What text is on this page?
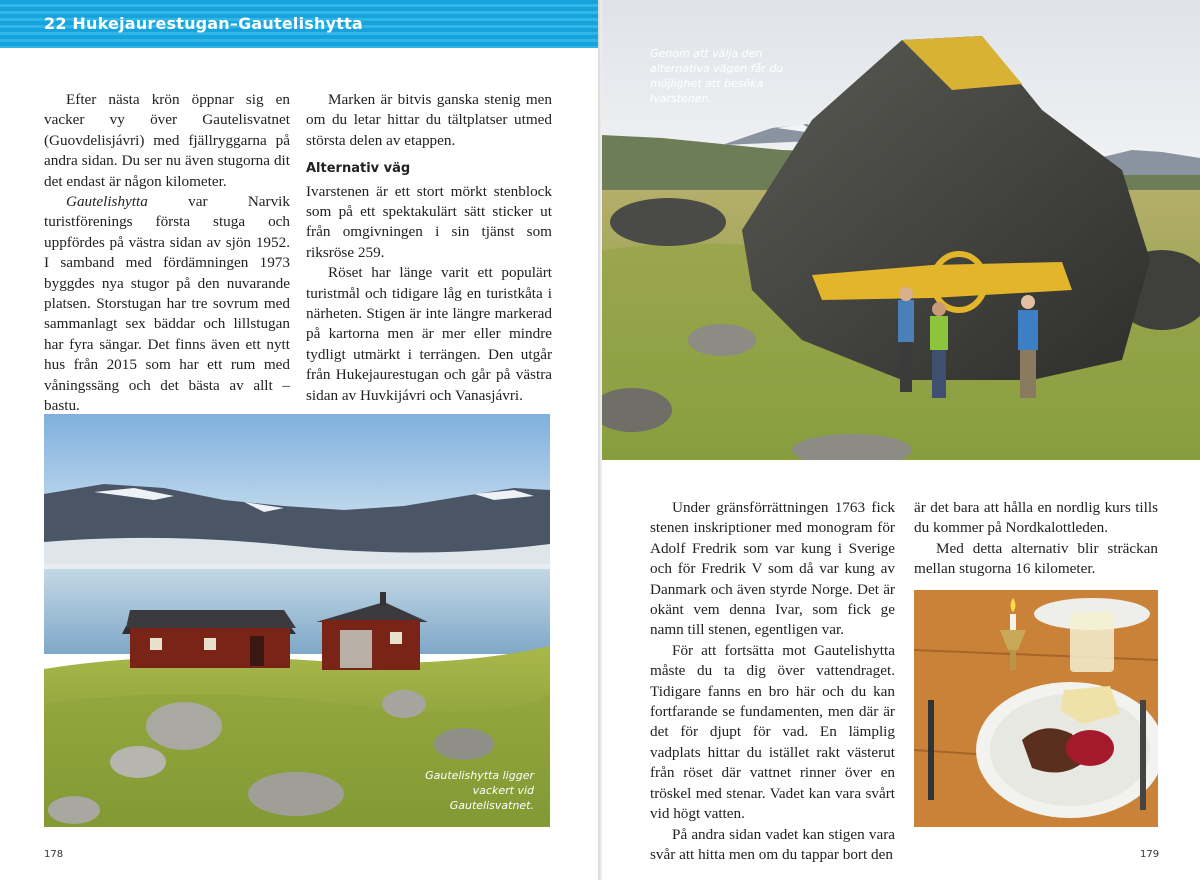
22 Hukejaurestugan–Gautelishytta

Efter nästa krön öppnar sig en vacker vy över Gautelisvatnet (Guovdelisjávri) med fjällryggarna på andra sidan. Du ser nu även stugorna dit det endast är någon kilometer.

Gautelishytta var Narvik turistförenings första stuga och uppfördes på västra sidan av sjön 1952. I samband med fördämningen 1973 byggdes nya stugor på den nuvarande platsen. Storstugan har tre sovrum med sammanlagt sex bäddar och lillstugan har fyra sängar. Det finns även ett nytt hus från 2015 som har ett rum med våningssäng och det bästa av allt – bastu.

Marken är bitvis ganska stenig men om du letar hittar du tältplatser utmed största delen av etappen.

Alternativ väg

Ivarstenen är ett stort mörkt stenblock som på ett spektakulärt sätt sticker ut från omgivningen i sin tjänst som riksröse 259.

Röset har länge varit ett populärt turistmål och tidigare låg en turistkåta i närheten. Stigen är inte längre markerad på kartorna men är mer eller mindre tydligt utmärkt i terrängen. Den utgår från Hukejaurestugan och går på västra sidan av Huvkijávri och Vanasjávri.

Gautelishytta ligger vackert vid Gautelisvatnet.
178
Genom att välja den alternativa vägen får du möjlighet att besöka Ivarstenen.

Under gränsförrättningen 1763 fick stenen inskriptioner med monogram för Adolf Fredrik som var kung i Sverige och för Fredrik V som då var kung av Danmark och även styrde Norge. Det är okänt vem denna Ivar, som fick ge namn till stenen, egentligen var.

För att fortsätta mot Gautelishytta måste du ta dig över vattendraget. Tidigare fanns en bro här och du kan fortfarande se fundamenten, men där är det för djupt för vad. En lämplig vadplats hittar du istället rakt västerut från röset där vattnet rinner över en tröskel med stenar. Vadet kan vara svårt vid högt vatten.

På andra sidan vadet kan stigen vara svår att hitta men om du tappar bort den

är det bara att hålla en nordlig kurs tills du kommer på Nordkalottleden.

Med detta alternativ blir sträckan mellan stugorna 16 kilometer.

179
